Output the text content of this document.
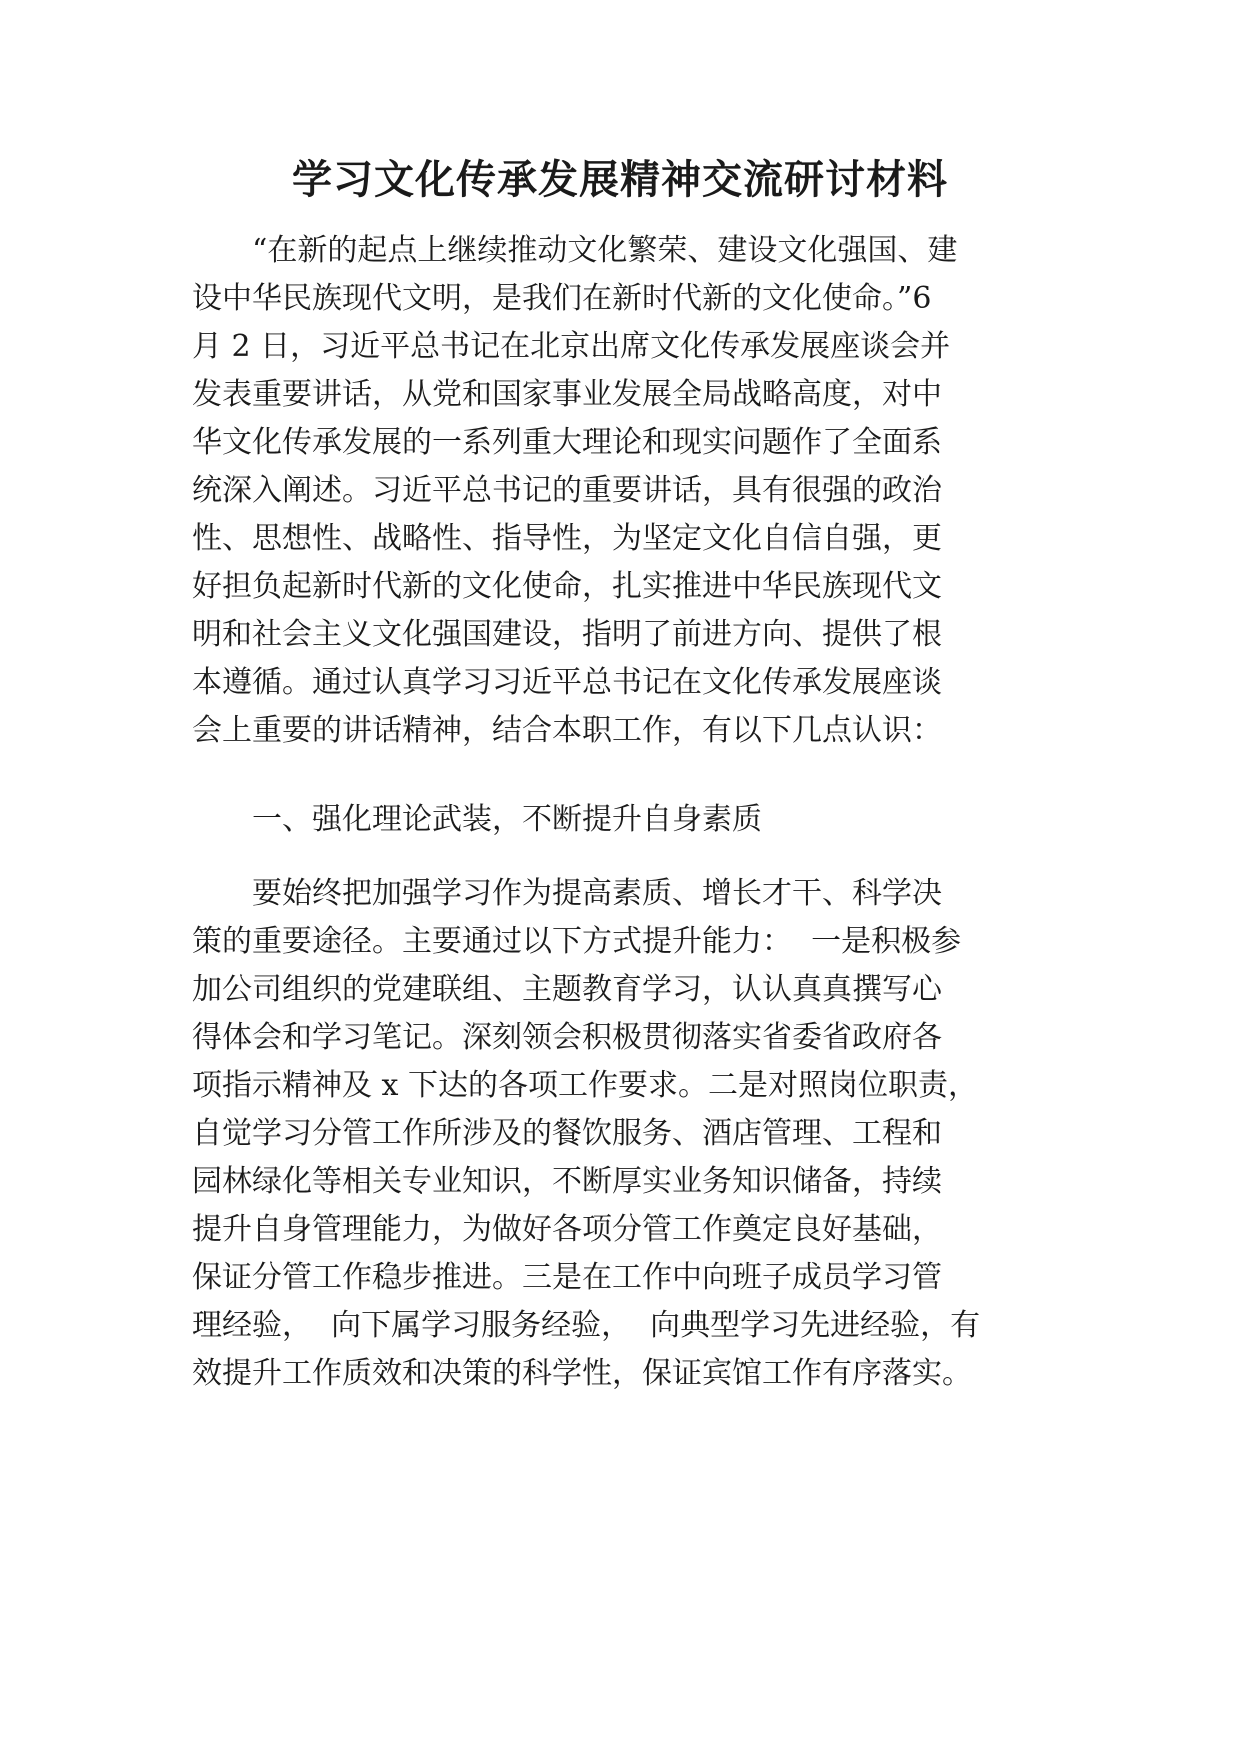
学习文化传承发展精神交流研讨材料
“在新的起点上继续推动文化繁荣、建设文化强国、建
设中华民族现代文明，是我们在新时代新的文化使命。”6
月 2 日，习近平总书记在北京出席文化传承发展座谈会并
发表重要讲话，从党和国家事业发展全局战略高度，对中
华文化传承发展的一系列重大理论和现实问题作了全面系
统深入阐述。习近平总书记的重要讲话，具有很强的政治
性、思想性、战略性、指导性，为坚定文化自信自强，更
好担负起新时代新的文化使命，扎实推进中华民族现代文
明和社会主义文化强国建设，指明了前进方向、提供了根
本遵循。通过认真学习习近平总书记在文化传承发展座谈
会上重要的讲话精神，结合本职工作，有以下几点认识：
一、强化理论武装，不断提升自身素质
要始终把加强学习作为提高素质、增长才干、科学决
策的重要途径。主要通过以下方式提升能力：  一是积极参
加公司组织的党建联组、主题教育学习，认认真真撰写心
得体会和学习笔记。深刻领会积极贯彻落实省委省政府各
项指示精神及 x 下达的各项工作要求。二是对照岗位职责，
自觉学习分管工作所涉及的餐饮服务、酒店管理、工程和
园林绿化等相关专业知识，不断厚实业务知识储备，持续
提升自身管理能力，为做好各项分管工作奠定良好基础，
保证分管工作稳步推进。三是在工作中向班子成员学习管
理经验，  向下属学习服务经验，  向典型学习先进经验，有
效提升工作质效和决策的科学性，保证宾馆工作有序落实。
